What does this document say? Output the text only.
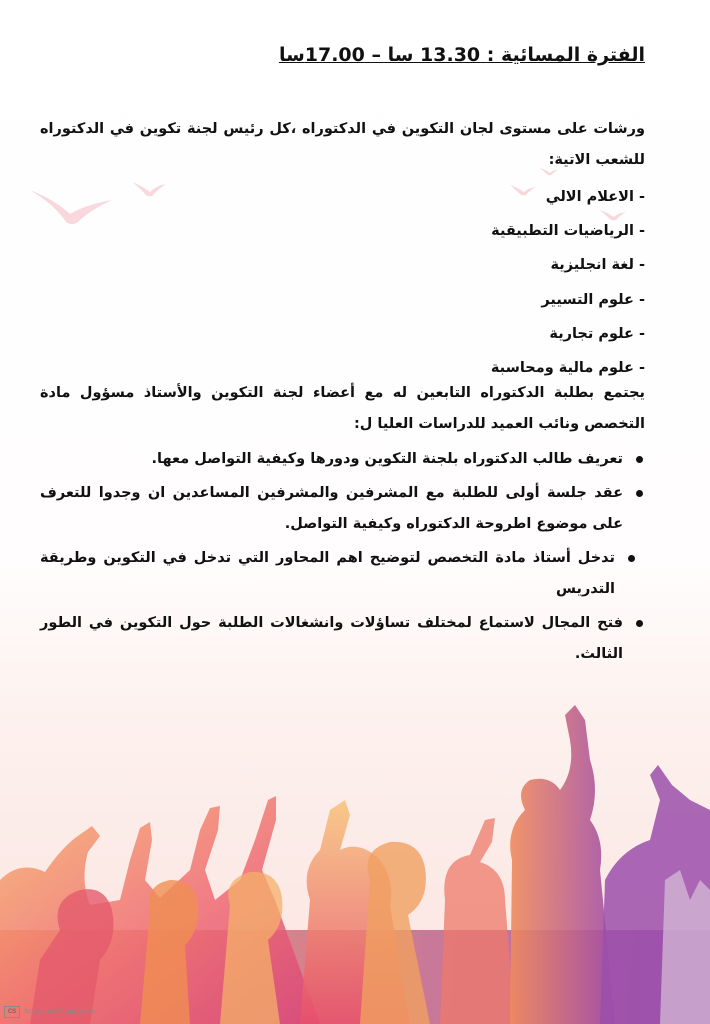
الفترة المسائية : 13.30 سا – 17.00سا

ورشات على مستوى لجان التكوين في الدكتوراه ،كل رئيس لجنة تكوين في الدكتوراه للشعب الاتية:

- الاعلام الالي
- الرياضيات التطبيقية
- لغة انجليزية
- علوم التسيير
- علوم تجارية
- علوم مالية ومحاسبة

يجتمع بطلبة الدكتوراه التابعين له مع أعضاء لجنة التكوين والأستاذ مسؤول مادة التخصص ونائب العميد للدراسات العليا ل:

تعريف طالب الدكتوراه بلجنة التكوين ودورها وكيفية التواصل معها.
عقد جلسة أولى للطلبة مع المشرفين والمشرفين المساعدين ان وجدوا للتعرف على موضوع اطروحة الدكتوراه وكيفية التواصل.
تدخل أستاذ مادة التخصص لتوضيح اهم المحاور التي تدخل في التكوين وطريقة التدريس
فتح المجال لاستماع لمختلف تساؤلات وانشغالات الطلبة حول التكوين في الطور الثالث.
CS	Scanné avec CamScanner
